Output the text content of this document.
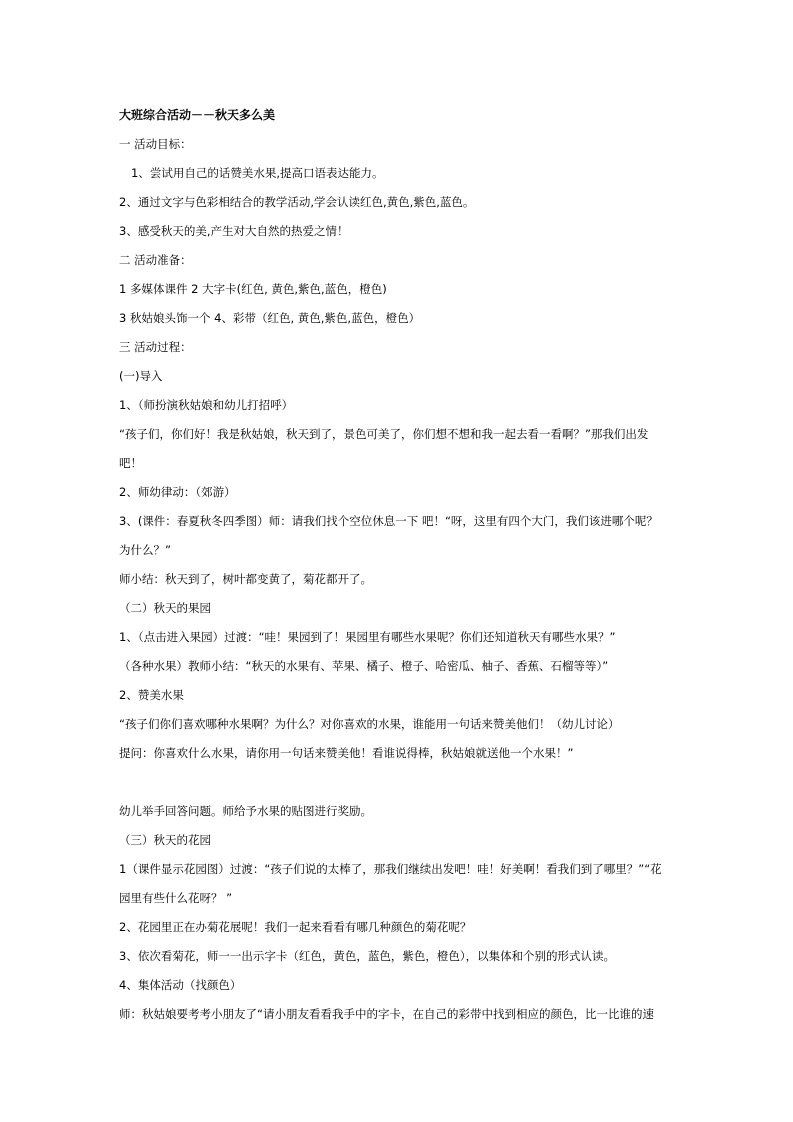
大班综合活动－－秋天多么美
一 活动目标：
1、尝试用自己的话赞美水果,提高口语表达能力。
2、通过文字与色彩相结合的教学活动,学会认读红色,黄色,紫色,蓝色。
3、感受秋天的美,产生对大自然的热爱之情！
二 活动准备：
1 多媒体课件 2 大字卡(红色, 黄色,紫色,蓝色，橙色)
3 秋姑娘头饰一个 4、彩带（红色, 黄色,紫色,蓝色，橙色）
三 活动过程：
(一)导入
1、（师扮演秋姑娘和幼儿打招呼）
“孩子们，你们好！我是秋姑娘，秋天到了，景色可美了，你们想不想和我一起去看一看啊？”那我们出发
吧！
2、师幼律动：（郊游）
3、(课件：春夏秋冬四季图）师：请我们找个空位休息一下 吧！“呀，这里有四个大门，我们该进哪个呢？
为什么？”
师小结：秋天到了，树叶都变黄了，菊花都开了。
（二）秋天的果园
1、（点击进入果园）过渡：“哇！果园到了！果园里有哪些水果呢？你们还知道秋天有哪些水果？”
（各种水果）教师小结：“秋天的水果有、苹果、橘子、橙子、哈密瓜、柚子、香蕉、石榴等等）”
2、赞美水果
“孩子们你们喜欢哪种水果啊？为什么？对你喜欢的水果，谁能用一句话来赞美他们！（幼儿讨论）
提问：你喜欢什么水果，请你用一句话来赞美他！看谁说得棒，秋姑娘就送他一个水果！”
幼儿举手回答问题。师给予水果的贴图进行奖励。
（三）秋天的花园
1（课件显示花园图）过渡：“孩子们说的太棒了，那我们继续出发吧！哇！好美啊！看我们到了哪里？”“花
园里有些什么花呀？ ”
2、花园里正在办菊花展呢！我们一起来看看有哪几种颜色的菊花呢？
3、依次看菊花，师一一出示字卡（红色，黄色，蓝色，紫色，橙色），以集体和个别的形式认读。
4、集体活动（找颜色）
师：秋姑娘要考考小朋友了“请小朋友看看我手中的字卡，在自己的彩带中找到相应的颜色，比一比谁的速
